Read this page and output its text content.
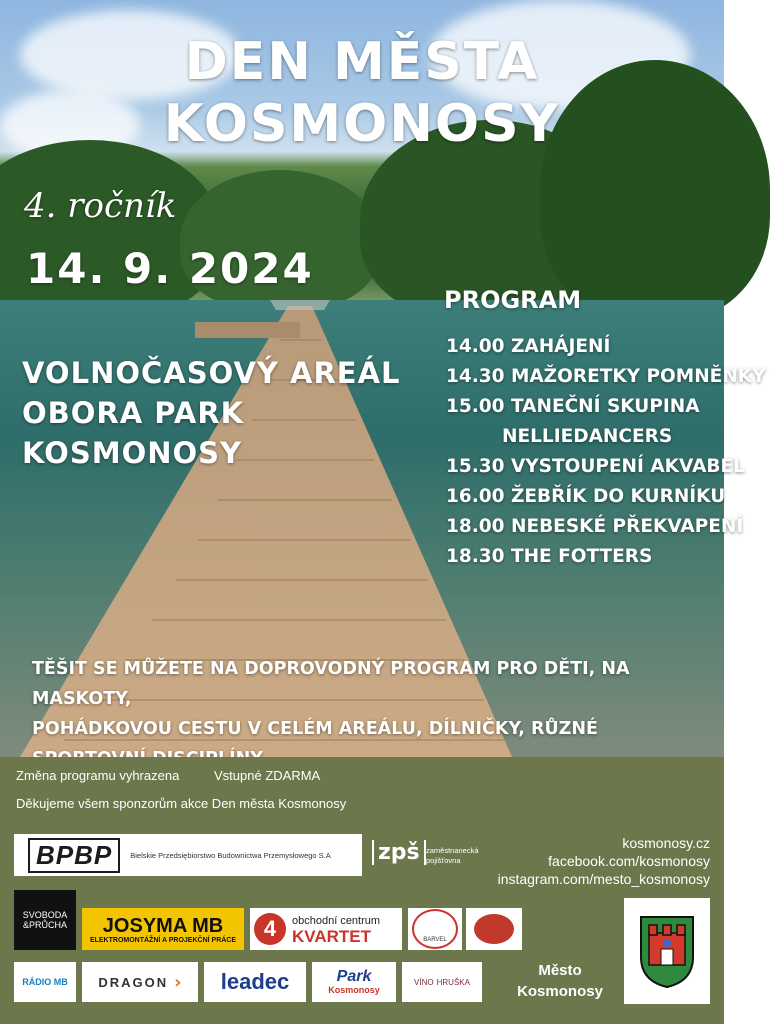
DEN MĚSTA
KOSMONOSY
4. ročník
14. 9. 2024
VOLNOČASOVÝ AREÁL
OBORA PARK
KOSMONOSY
PROGRAM
14.00 ZAHÁJENÍ
14.30 MAŽORETKY POMNĚNKY
15.00 TANEČNÍ SKUPINA
NELLIEDANCERS
15.30 VYSTOUPENÍ AKVABEL
16.00 ŽEBŘÍK DO KURNÍKU
18.00 NEBESKÉ PŘEKVAPENÍ
18.30 THE FOTTERS
TĚŠIT SE MŮŽETE NA DOPROVODNÝ PROGRAM PRO DĚTI, NA MASKOTY,
POHÁDKOVOU CESTU V CELÉM AREÁLU, DÍLNIČKY, RŮZNÉ
Změna programu vyhrazena	Vstupné ZDARMA
Děkujeme všem sponzorům akce Den města Kosmonosy
BPBP	Bielskie Przedsiębiorstwo Budownictwa Przemysłowego S.A zpš zaměstnanecká
pojišťovna
kosmonosy.cz
facebook.com/kosmonosy
instagram.com/mesto_kosmonosy
SVOBODA
&PRŮCHA JOSYMA MB
ELEKTROMONTÁŽNÍ A PROJEKČNÍ PRÁCE	4	obchodní centrum
KVARTET	BARVEL
Město
Kosmonosy
RÁDIO MB DRAGON › leadec	Park
Kosmonosy
VÍNO HRUŠKA
